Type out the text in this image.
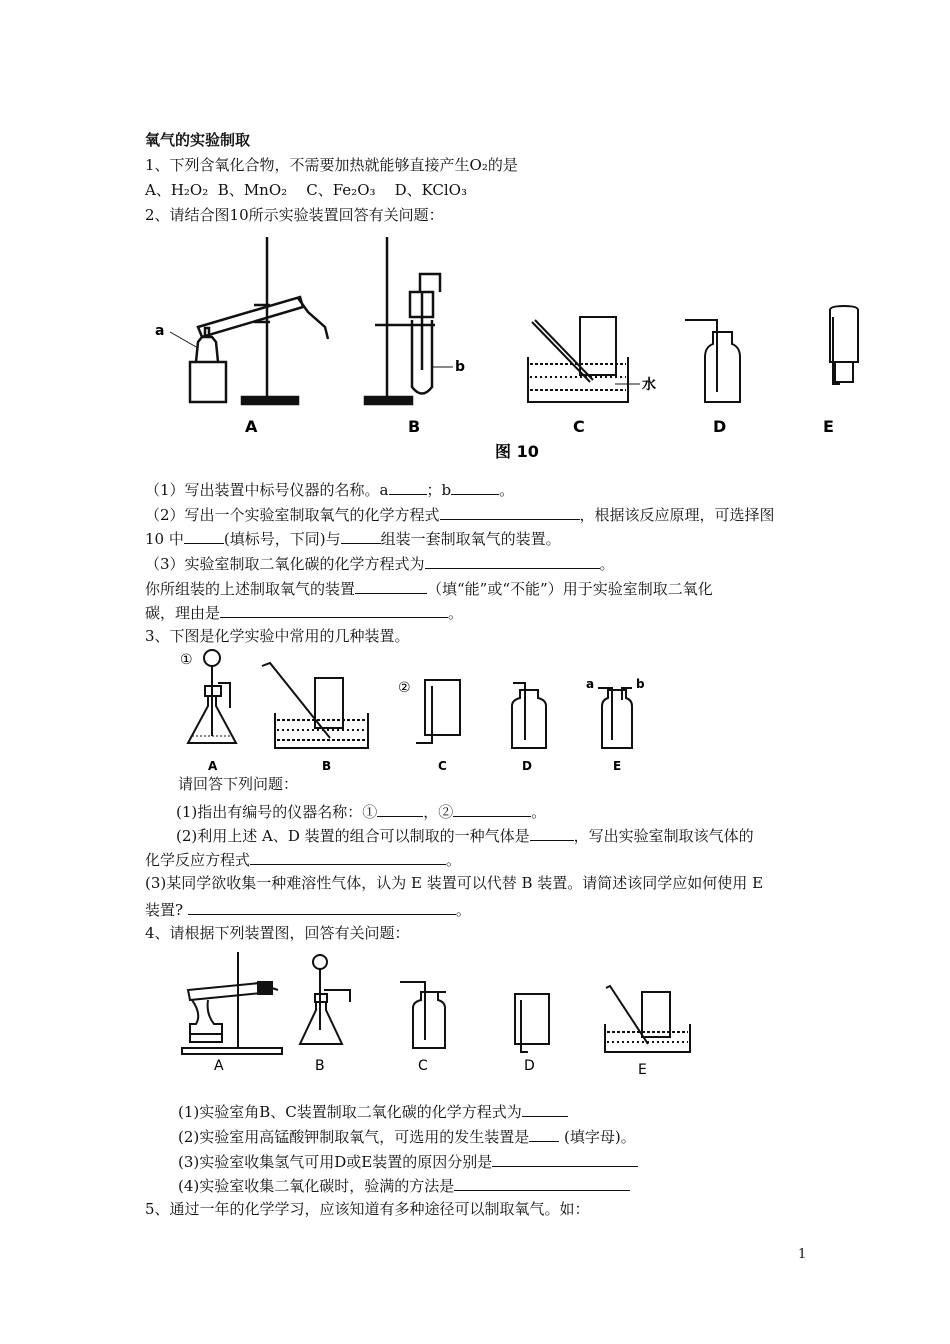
氧气的实验制取
1、下列含氧化合物，不需要加热就能够直接产生O₂的是
A、H₂O₂ B、MnO₂ C、Fe₂O₃ D、KClO₃
2、请结合图10所示实验装置回答有关问题：
a
A
b
B
水
C	D	E
图 10
（1）写出装置中标号仪器的名称。a	；b	。
（2）写出一个实验室制取氧气的化学方程式	，根据该反应原理，可选择图
10 中	(填标号，下同)与	组装一套制取氧气的装置。
（3）实验室制取二氧化碳的化学方程式为	。
你所组装的上述制取氧气的装置	（填“能”或“不能”）用于实验室制取二氧化
碳，理由是	。
3、下图是化学实验中常用的几种装置。
①
A	B
②
C	D
a	b
E
请回答下列问题：
(1)指出有编号的仪器名称：①	，②	。
(2)利用上述 A、D 装置的组合可以制取的一种气体是	，写出实验室制取该气体的
化学反应方程式	。
(3)某同学欲收集一种难溶性气体，认为 E 装置可以代替 B 装置。请简述该同学应如何使用 E
装置?	。
4、请根据下列装置图，回答有关问题：
A	B	C	D	E
(1)实验室角B、C装置制取二氧化碳的化学方程式为
(2)实验室用高锰酸钾制取氧气，可选用的发生装置是 (填字母)。
(3)实验室收集氢气可用D或E装置的原因分别是
(4)实验室收集二氧化碳时，验满的方法是
5、通过一年的化学学习，应该知道有多种途径可以制取氧气。如：
1
